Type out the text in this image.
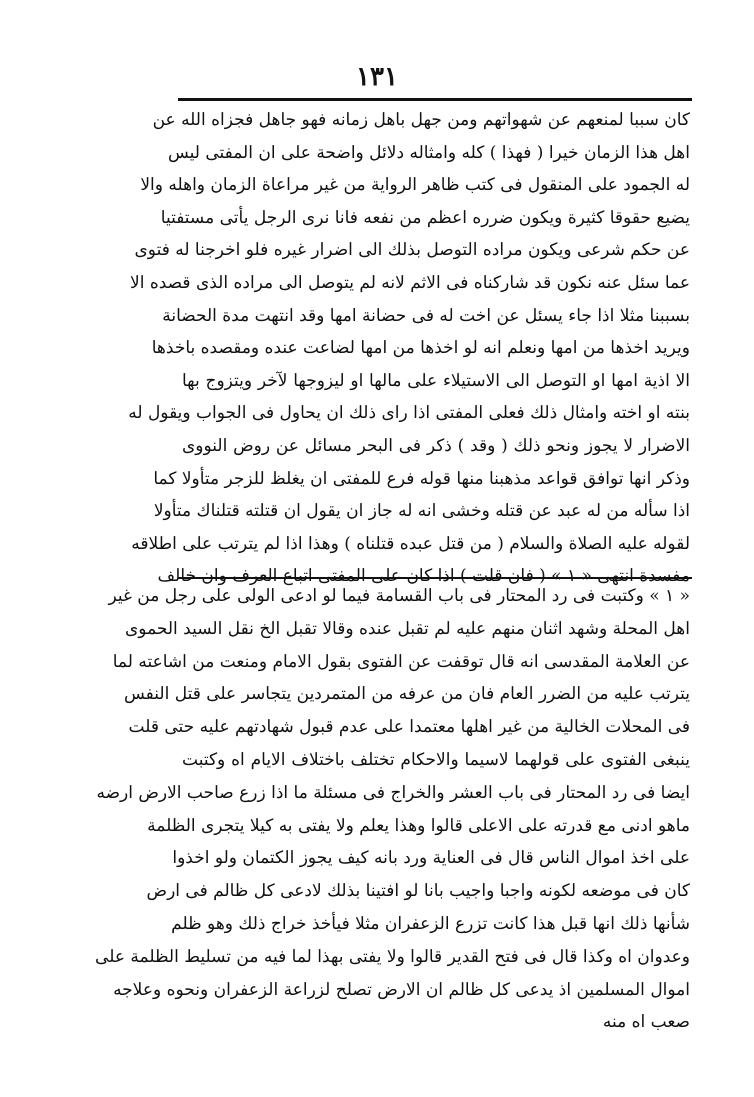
١٣١
كان سببا لمنعهم عن شهواتهم ومن جهل باهل زمانه فهو جاهل فجزاه الله عن
اهل هذا الزمان خيرا ( فهذا ) كله وامثاله دلائل واضحة على ان المفتى ليس
له الجمود على المنقول فى كتب ظاهر الرواية من غير مراعاة الزمان واهله والا
يضيع حقوقا كثيرة ويكون ضرره اعظم من نفعه فانا نرى الرجل يأتى مستفتيا
عن حكم شرعى ويكون مراده التوصل بذلك الى اضرار غيره فلو اخرجنا له فتوى
عما سئل عنه نكون قد شاركناه فى الاثم لانه لم يتوصل الى مراده الذى قصده الا
بسببنا مثلا اذا جاء يسئل عن اخت له فى حضانة امها وقد انتهت مدة الحضانة
ويريد اخذها من امها ونعلم انه لو اخذها من امها لضاعت عنده ومقصده باخذها
الا اذية امها او التوصل الى الاستيلاء على مالها او ليزوجها لآخر ويتزوج بها
بنته او اخته وامثال ذلك فعلى المفتى اذا راى ذلك ان يحاول فى الجواب ويقول له
الاضرار لا يجوز ونحو ذلك ( وقد ) ذكر فى البحر مسائل عن روض النووى
وذكر انها توافق قواعد مذهبنا منها قوله فرع للمفتى ان يغلظ للزجر متأولا كما
اذا سأله من له عبد عن قتله وخشى انه له جاز ان يقول ان قتلته قتلناك متأولا
لقوله عليه الصلاة والسلام ( من قتل عبده قتلناه ) وهذا اذا لم يترتب على اطلاقه
مفسدة انتهى « ١ » ( فان قلت ) اذا كان على المفتى اتباع العرف وان خالف
« ١ » وكتبت فى رد المحتار فى باب القسامة فيما لو ادعى الولى على رجل من غير
اهل المحلة وشهد اثنان منهم عليه لم تقبل عنده وقالا تقبل الخ نقل السيد الحموى
عن العلامة المقدسى انه قال توقفت عن الفتوى بقول الامام ومنعت من اشاعته لما
يترتب عليه من الضرر العام فان من عرفه من المتمردين يتجاسر على قتل النفس
فى المحلات الخالية من غير اهلها معتمدا على عدم قبول شهادتهم عليه حتى قلت
ينبغى الفتوى على قولهما لاسيما والاحكام تختلف باختلاف الايام اه وكتبت
ايضا فى رد المحتار فى باب العشر والخراج فى مسئلة ما اذا زرع صاحب الارض ارضه
ماهو ادنى مع قدرته على الاعلى قالوا وهذا يعلم ولا يفتى به كيلا يتجرى الظلمة
على اخذ اموال الناس قال فى العناية ورد بانه كيف يجوز الكتمان ولو اخذوا
كان فى موضعه لكونه واجبا واجيب بانا لو افتينا بذلك لادعى كل ظالم فى ارض
شأنها ذلك انها قبل هذا كانت تزرع الزعفران مثلا فيأخذ خراج ذلك وهو ظلم
وعدوان اه وكذا قال فى فتح القدير قالوا ولا يفتى بهذا لما فيه من تسليط الظلمة على
اموال المسلمين اذ يدعى كل ظالم ان الارض تصلح لزراعة الزعفران ونحوه وعلاجه
صعب اه منه
